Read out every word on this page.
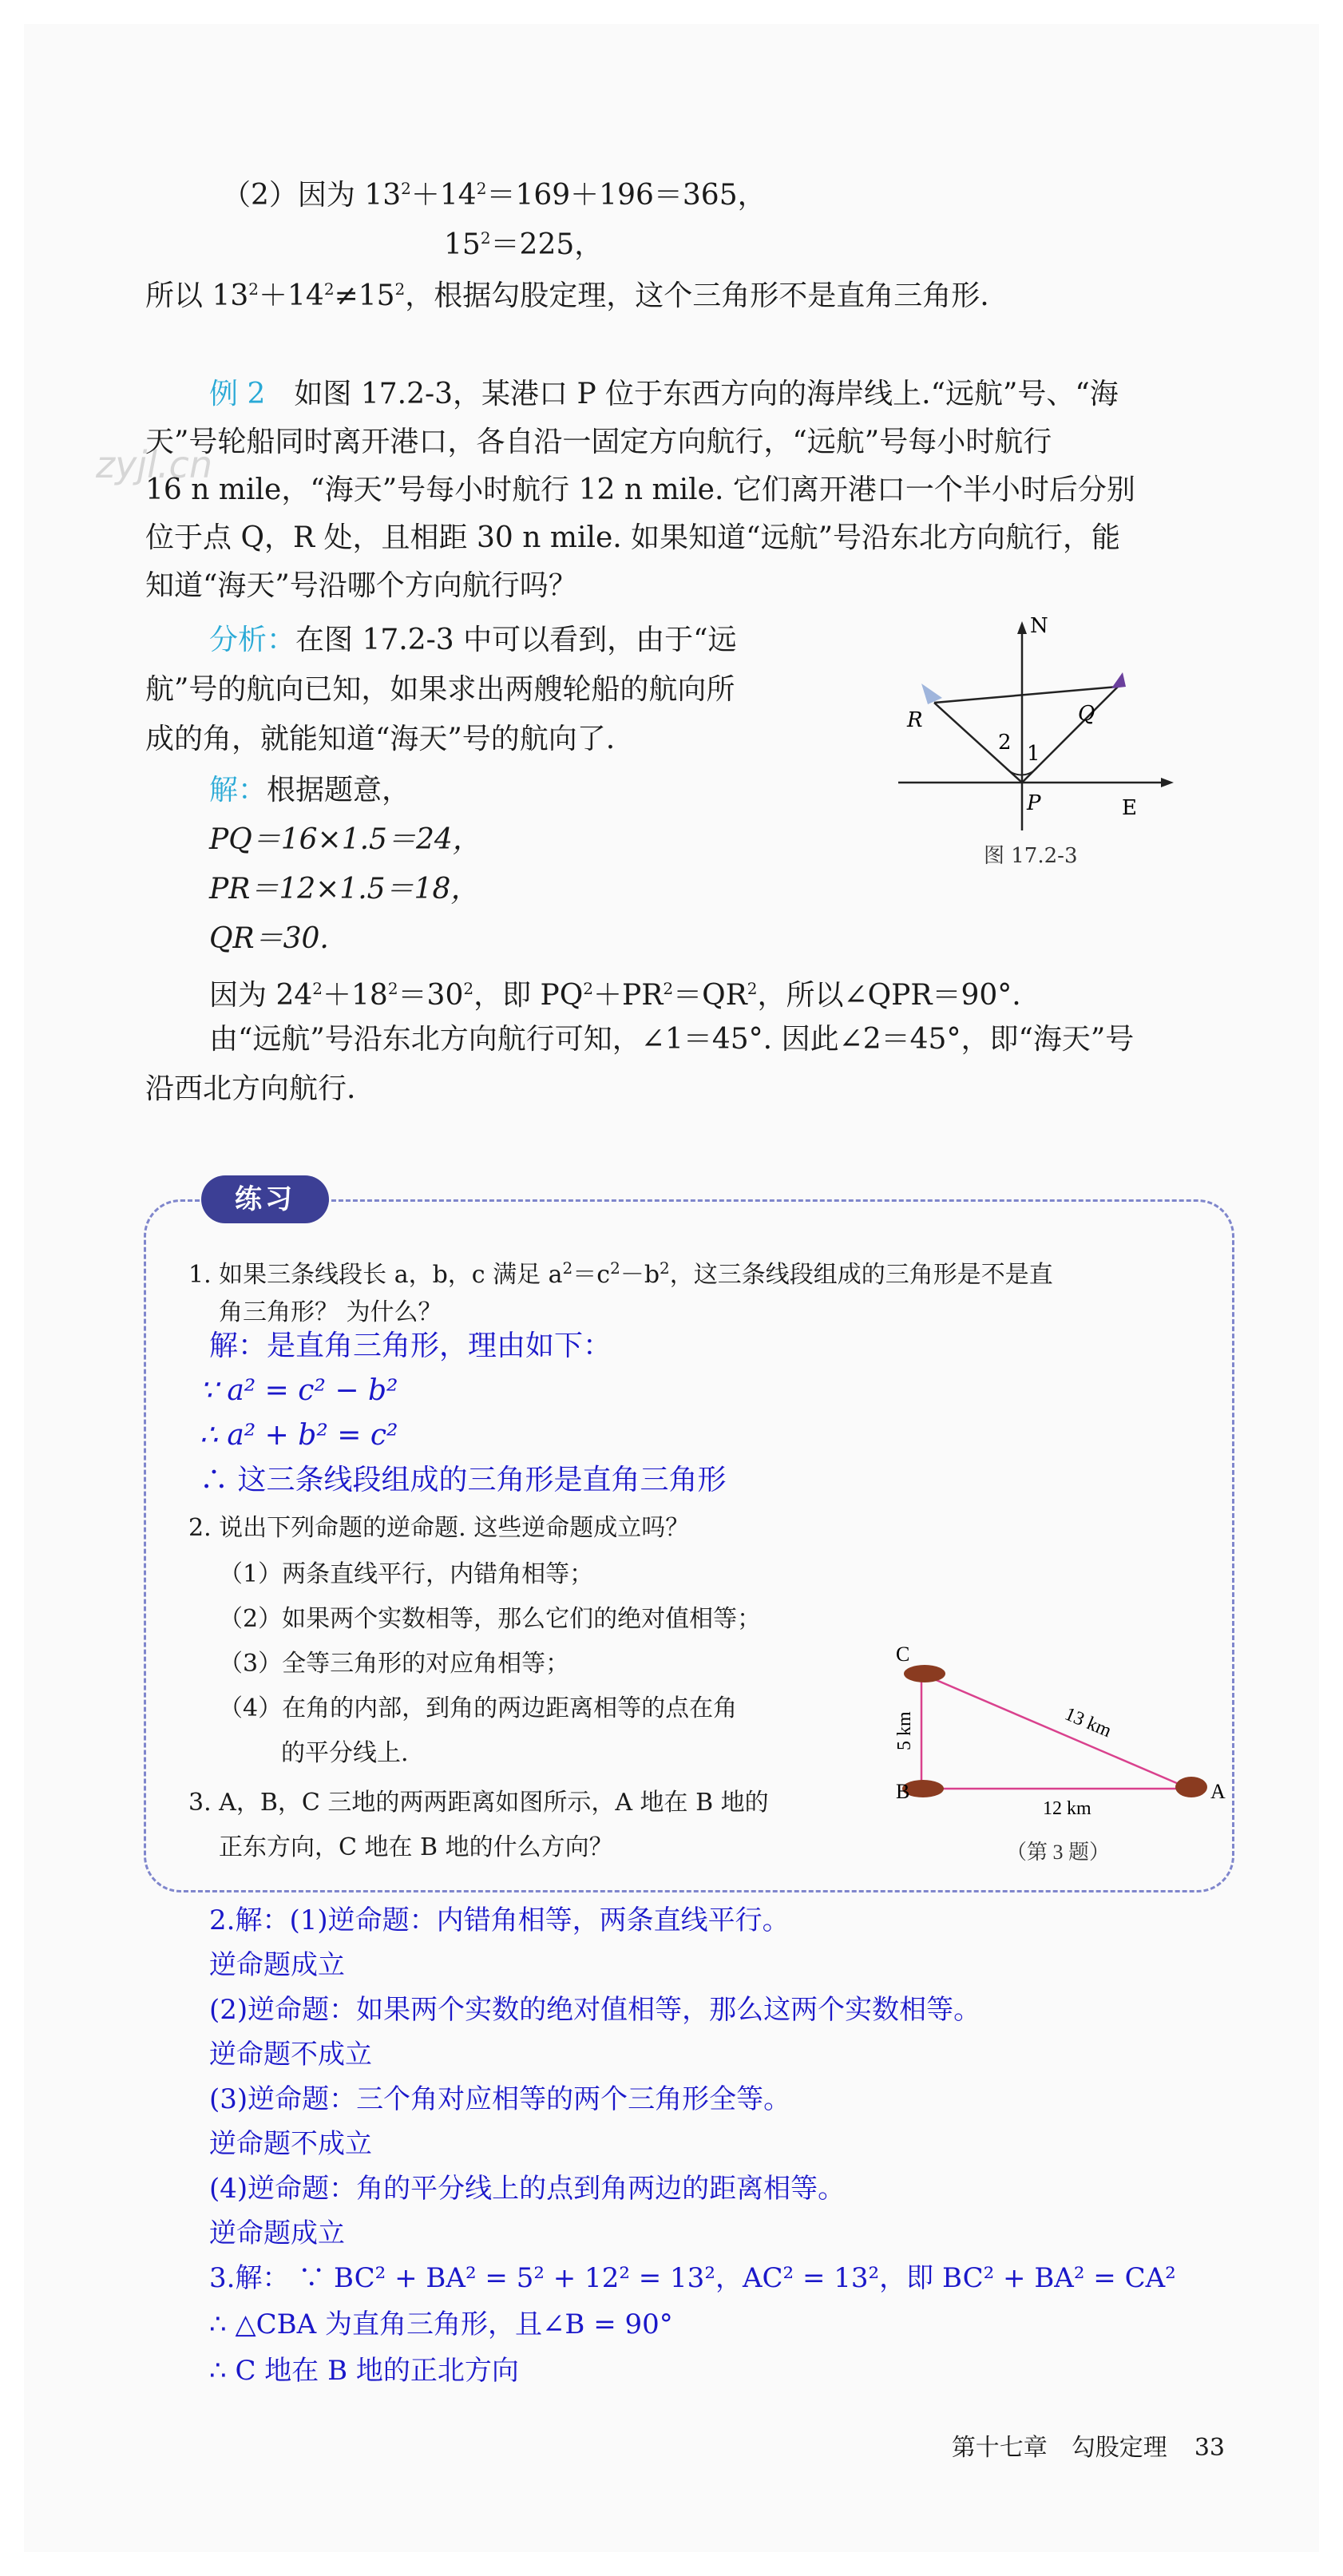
（2）因为 $13^2+14^2=169+196=365$，
$15^2=225$，
所以 $13^2+14^2\ne 15^2$，根据勾股定理，这个三角形不是直角三角形.
zyjl.cn
例 2　 如图 17.2-3，某港口 P 位于东西方向的海岸线上.“远航”号、“海
天”号轮船同时离开港口，各自沿一固定方向航行，“远航”号每小时航行
16 n mile，“海天”号每小时航行 12 n mile. 它们离开港口一个半小时后分别
位于点 Q，R 处，且相距 30 n mile. 如果知道“远航”号沿东北方向航行，能
知道“海天”号沿哪个方向航行吗？
分析：在图 17.2-3 中可以看到，由于“远
航”号的航向已知，如果求出两艘轮船的航向所
成的角，就能知道“海天”号的航向了.
解：根据题意，
PQ＝16×1.5＝24，
PR＝12×1.5＝18，
QR＝30.
因为 $24^2+18^2=30^2$，即 $PQ^2+PR^2=QR^2$，所以∠QPR＝90°.
由“远航”号沿东北方向航行可知，∠1＝45°. 因此∠2＝45°，即“海天”号
沿西北方向航行.
N
E
P
Q
R
1
2
图 17.2-3
练习
1. 如果三条线段长 a，b，c 满足 $a^2=c^2-b^2$，这三条线段组成的三角形是不是直
角三角形？ 为什么？
解：是直角三角形，理由如下：
∵ a² = c² − b²
∴ a² + b² = c²
∴ 这三条线段组成的三角形是直角三角形
2. 说出下列命题的逆命题. 这些逆命题成立吗？
（1）两条直线平行，内错角相等；
（2）如果两个实数相等，那么它们的绝对值相等；
（3）全等三角形的对应角相等；
（4）在角的内部，到角的两边距离相等的点在角
的平分线上.
3. A，B，C 三地的两两距离如图所示，A 地在 B 地的
正东方向，C 地在 B 地的什么方向？
C
B	A
5 km	13 km
12 km
（第 3 题）
2.解：(1)逆命题：内错角相等，两条直线平行。
逆命题成立
(2)逆命题：如果两个实数的绝对值相等，那么这两个实数相等。
逆命题不成立
(3)逆命题：三个角对应相等的两个三角形全等。
逆命题不成立
(4)逆命题：角的平分线上的点到角两边的距离相等。
逆命题成立
3.解： ∵ BC² + BA² = 5² + 12² = 13²，AC² = 13²，即 BC² + BA² = CA²
∴ △CBA 为直角三角形，且∠B = 90°
∴ C 地在 B 地的正北方向
第十七章　勾股定理 33
